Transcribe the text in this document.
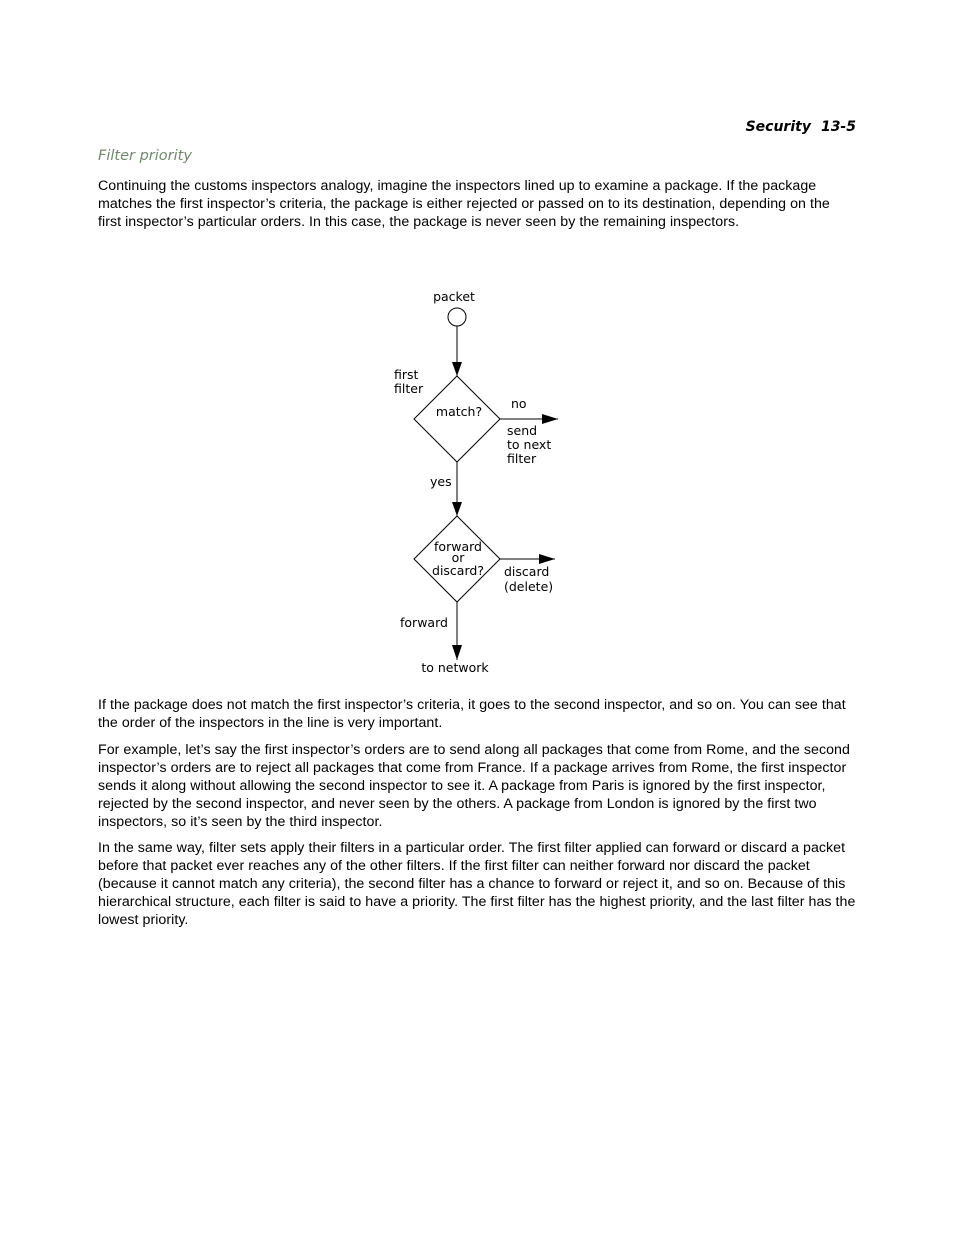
Security 13-5
Filter priority

Continuing the customs inspectors analogy, imagine the inspectors lined up to examine a package. If the package matches the first inspector’s criteria, the package is either rejected or passed on to its destination, depending on the first inspector’s particular orders. In this case, the package is never seen by the remaining inspectors.

packet
first
filter
match?
no
send
to next
filter
yes
forward
or
discard? discard
(delete)
forward
to network

If the package does not match the first inspector’s criteria, it goes to the second inspector, and so on. You can see that the order of the inspectors in the line is very important.

For example, let’s say the first inspector’s orders are to send along all packages that come from Rome, and the second inspector’s orders are to reject all packages that come from France. If a package arrives from Rome, the first inspector sends it along without allowing the second inspector to see it. A package from Paris is ignored by the first inspector, rejected by the second inspector, and never seen by the others. A package from London is ignored by the first two inspectors, so it’s seen by the third inspector.

In the same way, filter sets apply their filters in a particular order. The first filter applied can forward or discard a packet before that packet ever reaches any of the other filters. If the first filter can neither forward nor discard the packet (because it cannot match any criteria), the second filter has a chance to forward or reject it, and so on. Because of this hierarchical structure, each filter is said to have a priority. The first filter has the highest priority, and the last filter has the lowest priority.
